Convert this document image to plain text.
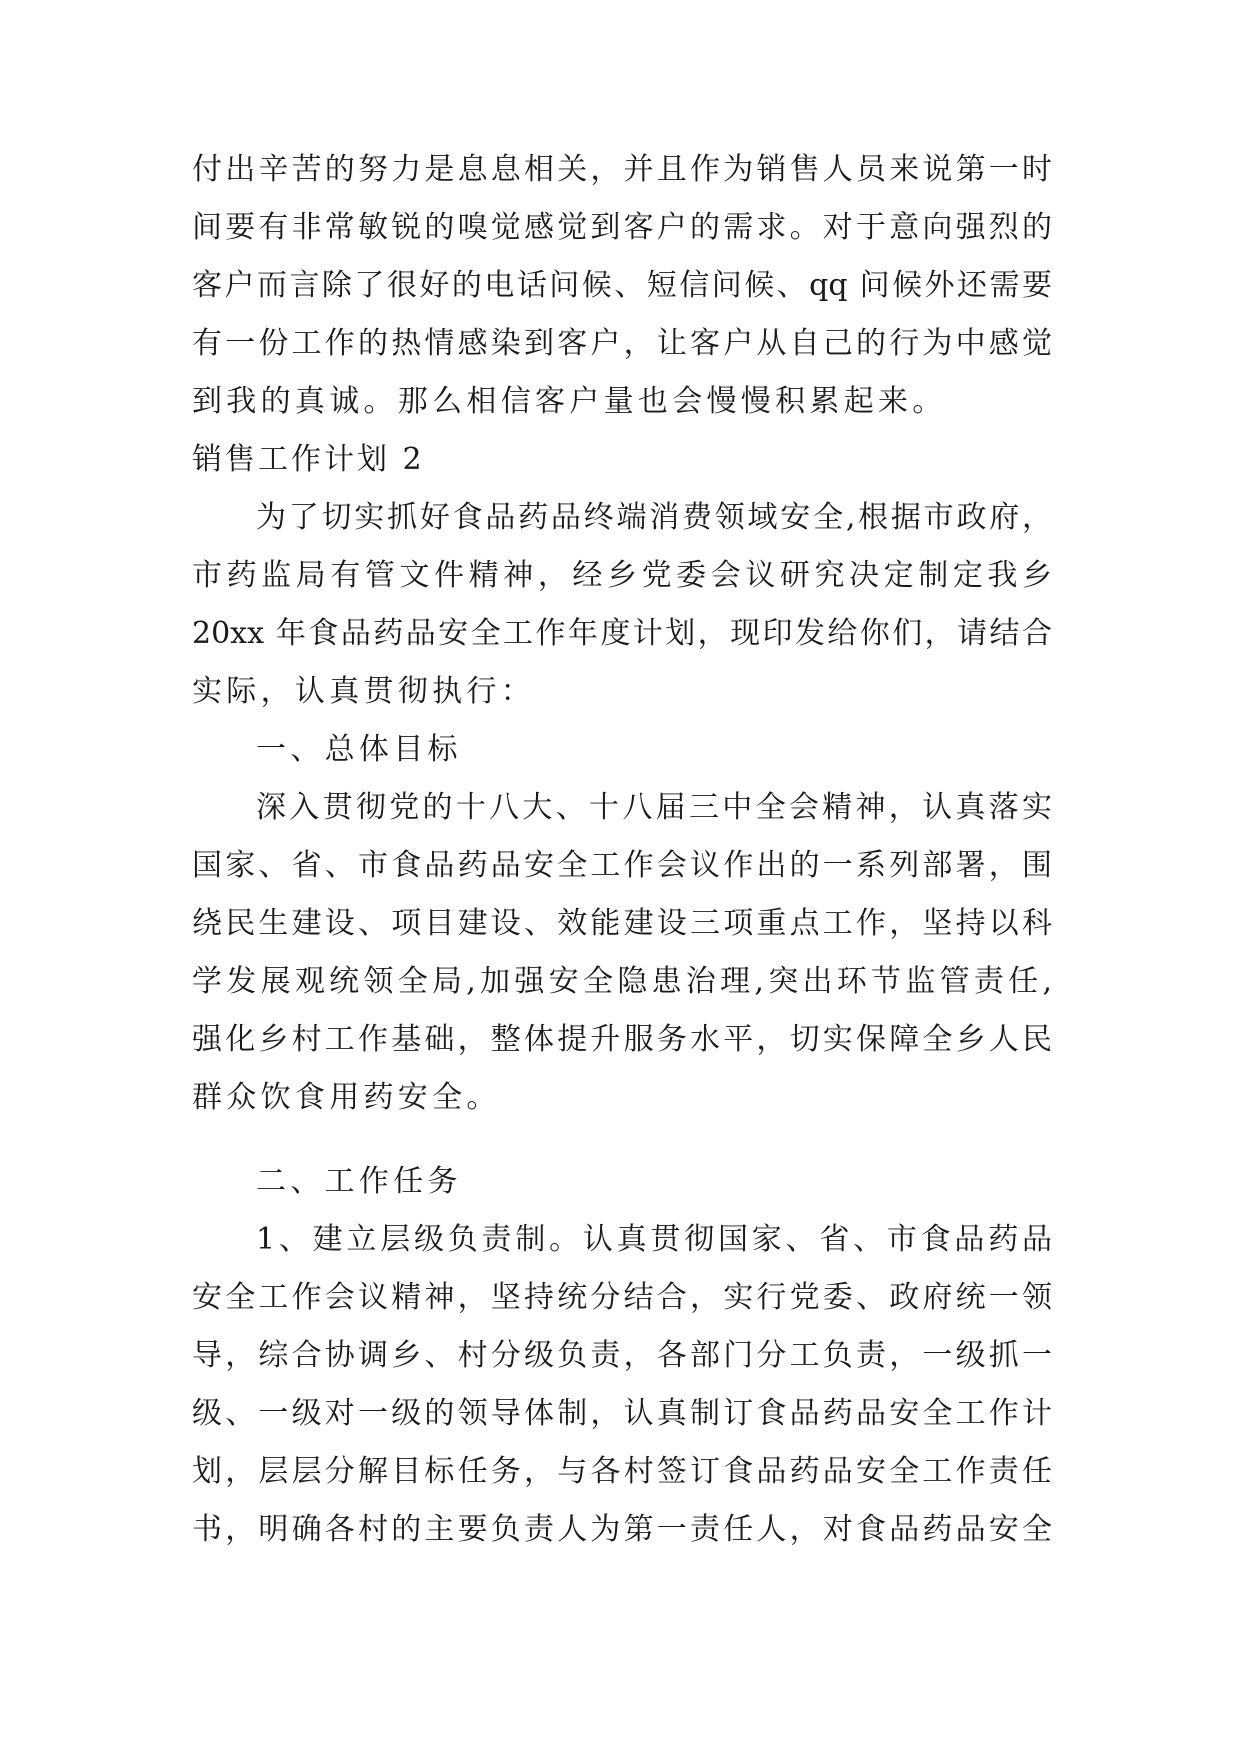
付出辛苦的努力是息息相关，并且作为销售人员来说第一时
间要有非常敏锐的嗅觉感觉到客户的需求。对于意向强烈的
客户而言除了很好的电话问候、短信问候、qq 问候外还需要
有一份工作的热情感染到客户，让客户从自己的行为中感觉
到我的真诚。那么相信客户量也会慢慢积累起来。
销售工作计划 2
为了切实抓好食品药品终端消费领域安全,根据市政府，
市药监局有管文件精神，经乡党委会议研究决定制定我乡
20xx 年食品药品安全工作年度计划，现印发给你们，请结合
实际，认真贯彻执行：
一、总体目标
深入贯彻党的十八大、十八届三中全会精神，认真落实
国家、省、市食品药品安全工作会议作出的一系列部署，围
绕民生建设、项目建设、效能建设三项重点工作，坚持以科
学发展观统领全局,加强安全隐患治理,突出环节监管责任,
强化乡村工作基础，整体提升服务水平，切实保障全乡人民
群众饮食用药安全。
二、工作任务
1、建立层级负责制。认真贯彻国家、省、市食品药品
安全工作会议精神，坚持统分结合，实行党委、政府统一领
导，综合协调乡、村分级负责，各部门分工负责，一级抓一
级、一级对一级的领导体制，认真制订食品药品安全工作计
划，层层分解目标任务，与各村签订食品药品安全工作责任
书，明确各村的主要负责人为第一责任人，对食品药品安全
